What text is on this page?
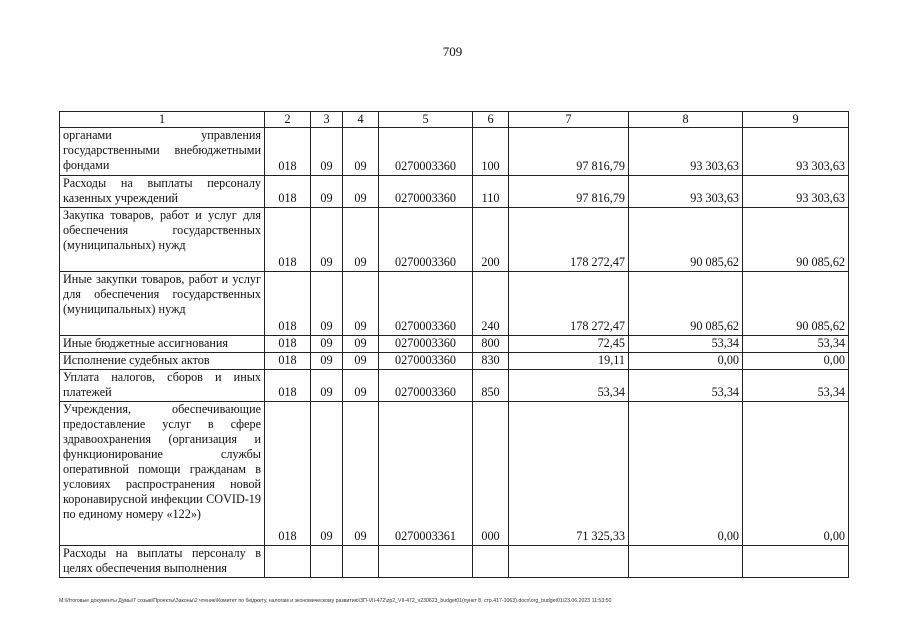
709
1	2	3	4	5	6	7	8	9
органами управления государственными внебюджетными фондами	018	09	09	0270003360	100	97 816,79	93 303,63	93 303,63
Расходы на выплаты персоналу казенных учреждений	018	09	09	0270003360	110	97 816,79	93 303,63	93 303,63
Закупка товаров, работ и услуг для обеспечения государственных (муниципальных) нужд	018	09	09	0270003360	200	178 272,47	90 085,62	90 085,62
Иные закупки товаров, работ и услуг для обеспечения государственных (муниципальных) нужд	018	09	09	0270003360	240	178 272,47	90 085,62	90 085,62
Иные бюджетные ассигнования	018	09	09	0270003360	800	72,45	53,34	53,34
Исполнение судебных актов	018	09	09	0270003360	830	19,11	0,00	0,00
Уплата налогов, сборов и иных платежей	018	09	09	0270003360	850	53,34	53,34	53,34
Учреждения, обеспечивающие предоставление услуг в сфере здравоохранения (организация и функционирование службы оперативной помощи гражданам в условиях распространения новой коронавирусной инфекции COVID-19 по единому номеру «122»)	018	09	09	0270003361	000	71 325,33	0,00	0,00
Расходы на выплаты персоналу в целях обеспечения выполнения								
M:\Итоговые документы Думы\7 созыв\Проекты\Законы\2 чтение\Комитет по бюджету, налогам и экономическому развитию\ЗП-VII-472\zp2_VII-472_v230623_budget01(пункт 8, стр.417-1063).docx\org_budget01\23.06.2023 11:53:50
